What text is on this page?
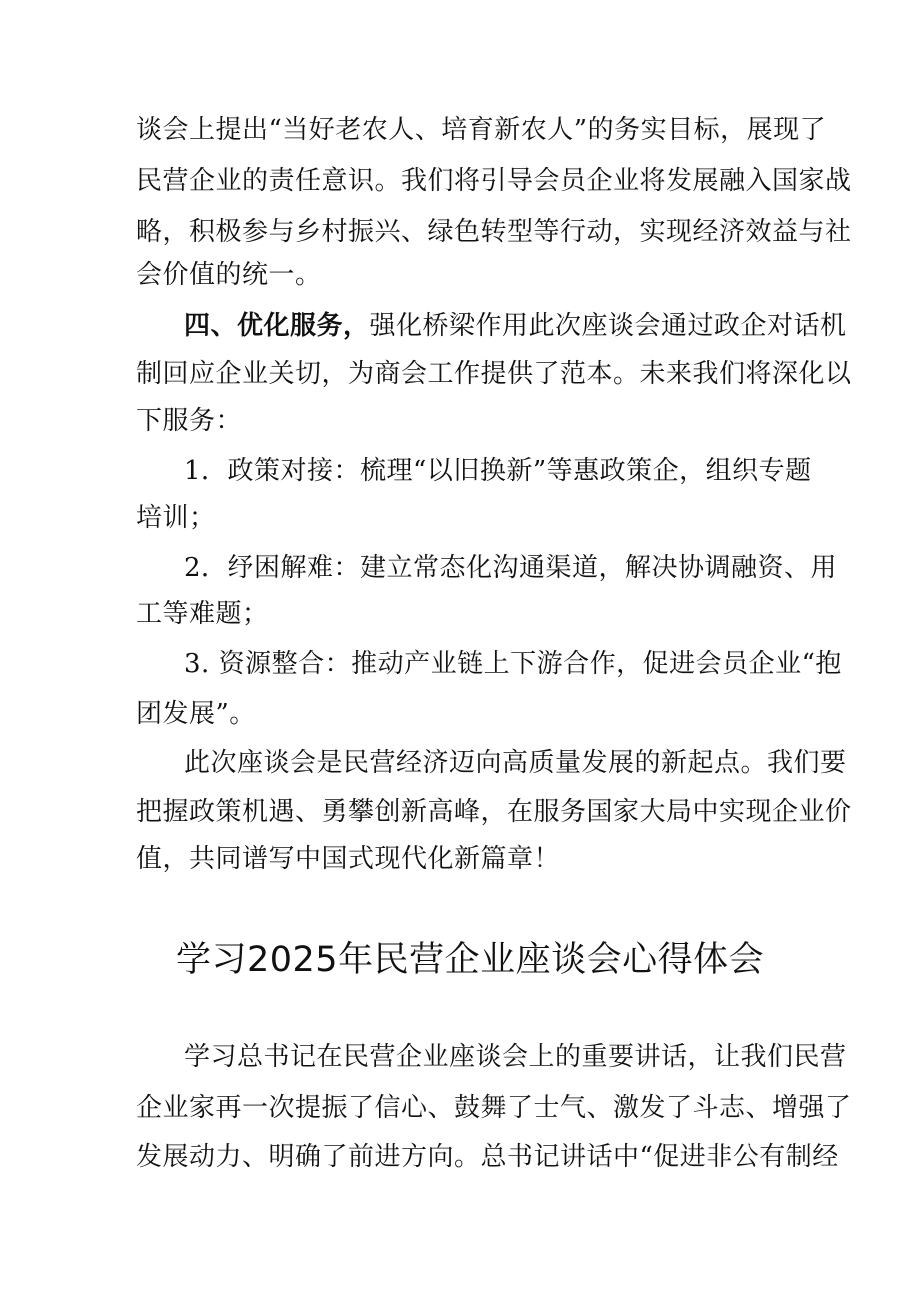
谈会上提出“当好老农人、培育新农人”的务实目标，展现了
民营企业的责任意识。我们将引导会员企业将发展融入国家战
略，积极参与乡村振兴、绿色转型等行动，实现经济效益与社
会价值的统一。
四、优化服务，强化桥梁作用此次座谈会通过政企对话机
制回应企业关切，为商会工作提供了范本。未来我们将深化以
下服务：
1．政策对接：梳理“以旧换新”等惠政策企，组织专题
培训；
2．纾困解难：建立常态化沟通渠道，解决协调融资、用
工等难题；
3. 资源整合：推动产业链上下游合作，促进会员企业“抱
团发展”。
此次座谈会是民营经济迈向高质量发展的新起点。我们要
把握政策机遇、勇攀创新高峰，在服务国家大局中实现企业价
值，共同谱写中国式现代化新篇章！
学习2025年民营企业座谈会心得体会
学习总书记在民营企业座谈会上的重要讲话，让我们民营
企业家再一次提振了信心、鼓舞了士气、激发了斗志、增强了
发展动力、明确了前进方向。总书记讲话中“促进非公有制经
